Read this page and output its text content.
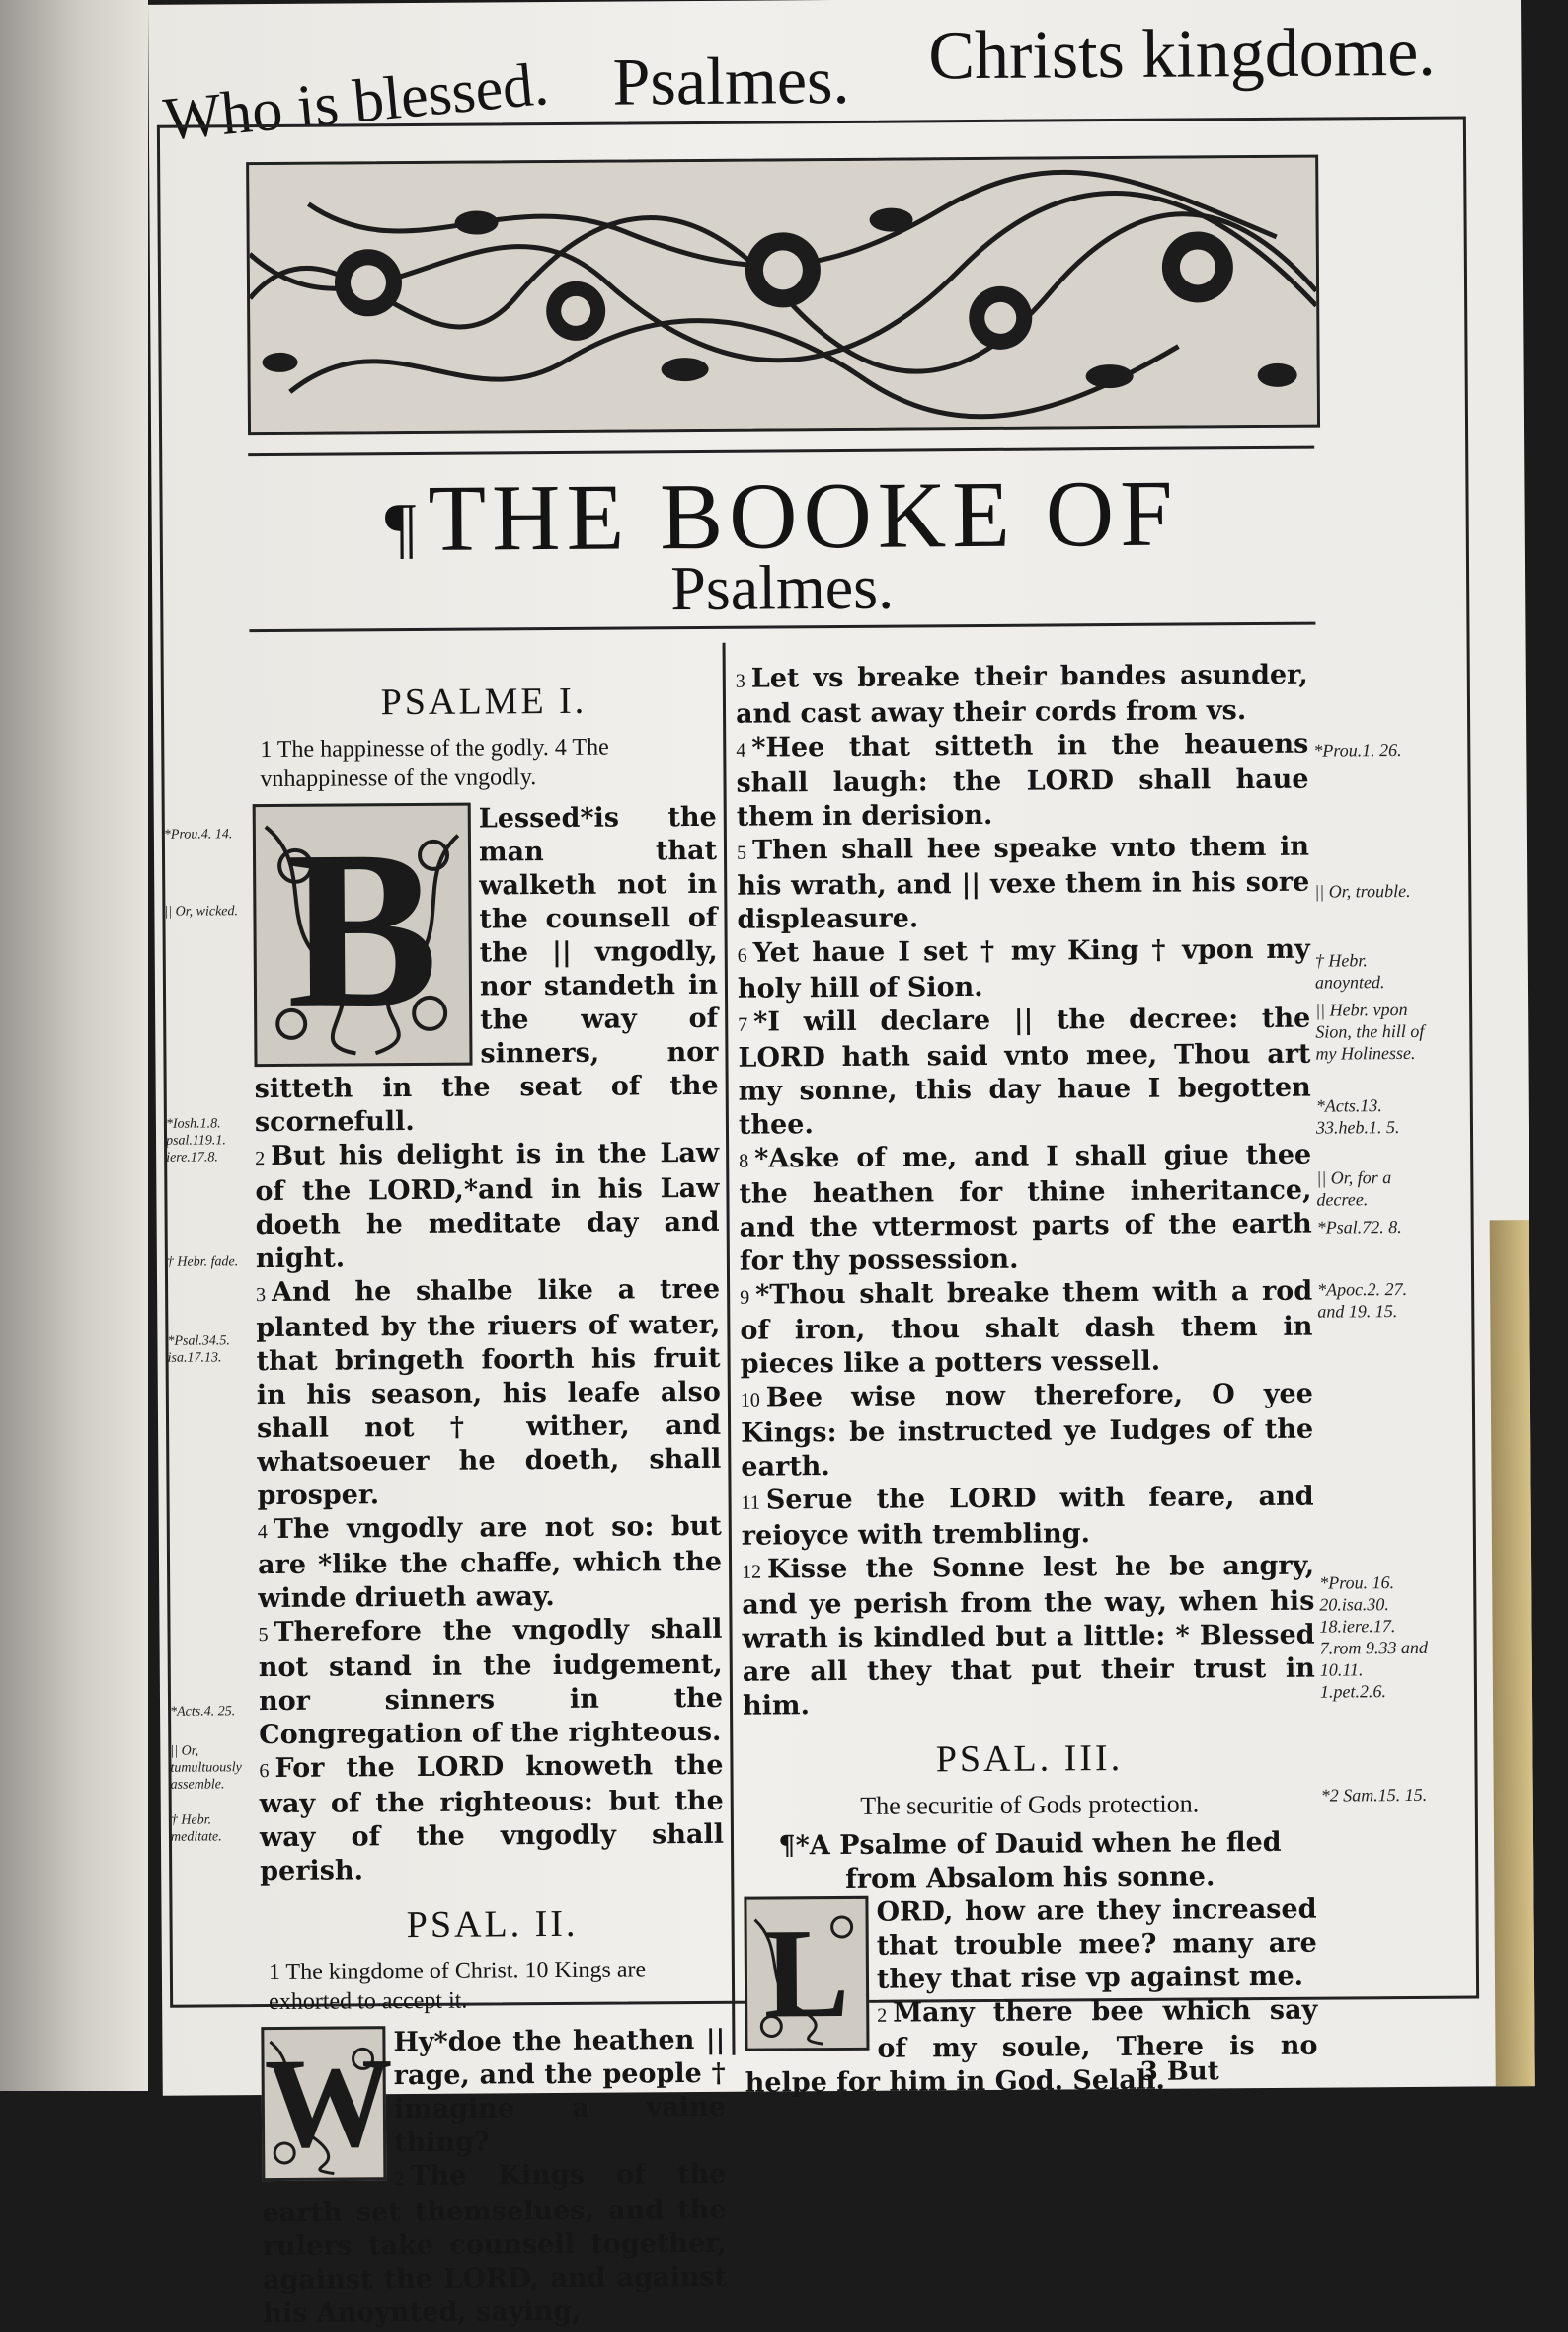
Who is blessed. Psalmes. Christs kingdome.
¶THE BOOKE OF
Psalmes.
PSALME I.

1 The happinesse of the godly. 4 The vnhappinesse of the vngodly.

B	Lessed*is the man that walketh not in the counsell of the || vngodly, nor standeth in the way of sinners, nor sitteth in the seat of the scornefull.

2 But his delight is in the Law of the LORD,*and in his Law doeth he meditate day and night.

3 And he shalbe like a tree planted by the riuers of water, that bringeth foorth his fruit in his season, his leafe also shall not † wither, and whatsoeuer he doeth, shall prosper.

4 The vngodly are not so: but are *like the chaffe, which the winde driueth away.

5 Therefore the vngodly shall not stand in the iudgement, nor sinners in the Congregation of the righteous.

6 For the LORD knoweth the way of the righteous: but the way of the vngodly shall perish.

PSAL. II.

1 The kingdome of Christ. 10 Kings are exhorted to accept it.

W Hy*doe the heathen || rage, and the people † imagine a vaine thing?

2 The Kings of the earth set themselues, and the rulers take counsell together, against the LORD, and against his Anoynted, saying,

3 Let vs breake their bandes asunder, and cast away their cords from vs.

4 *Hee that sitteth in the heauens shall laugh: the LORD shall haue them in derision.

5 Then shall hee speake vnto them in his wrath, and || vexe them in his sore displeasure.

6 Yet haue I set † my King † vpon my holy hill of Sion.

7 *I will declare || the decree: the LORD hath said vnto mee, Thou art my sonne, this day haue I begotten thee.

8 *Aske of me, and I shall giue thee the heathen for thine inheritance, and the vttermost parts of the earth for thy possession.

9 *Thou shalt breake them with a rod of iron, thou shalt dash them in pieces like a potters vessell.

10 Bee wise now therefore, O yee Kings: be instructed ye Iudges of the earth.

11 Serue the LORD with feare, and reioyce with trembling.

12 Kisse the Sonne lest he be angry, and ye perish from the way, when his wrath is kindled but a little: * Blessed are all they that put their trust in him.

PSAL. III.

The securitie of Gods protection.

¶*A Psalme of Dauid when he fled from Absalom his sonne.

L ORD, how are they increased that trouble mee? many are they that rise vp against me.

2 Many there bee which say of my soule, There is no helpe for him in God. Selah.

*Prou.1. 26.
|| Or, trouble.
† Hebr. anoynted.
|| Hebr. vpon Sion, the hill of my Holinesse.
*Acts.13. 33.heb.1. 5.
|| Or, for a decree.
*Psal.72. 8.
*Apoc.2. 27. and 19. 15.
*Prou. 16. 20.isa.30. 18.iere.17. 7.rom 9.33 and 10.11. 1.pet.2.6.
*2 Sam.15. 15.
*Prou.4. 14.
|| Or, wicked.
*Iosh.1.8. psal.119.1. iere.17.8.
† Hebr. fade.
*Psal.34.5. isa.17.13.
*Acts.4. 25.
|| Or, tumultuously assemble.
† Hebr. meditate.
3 But
